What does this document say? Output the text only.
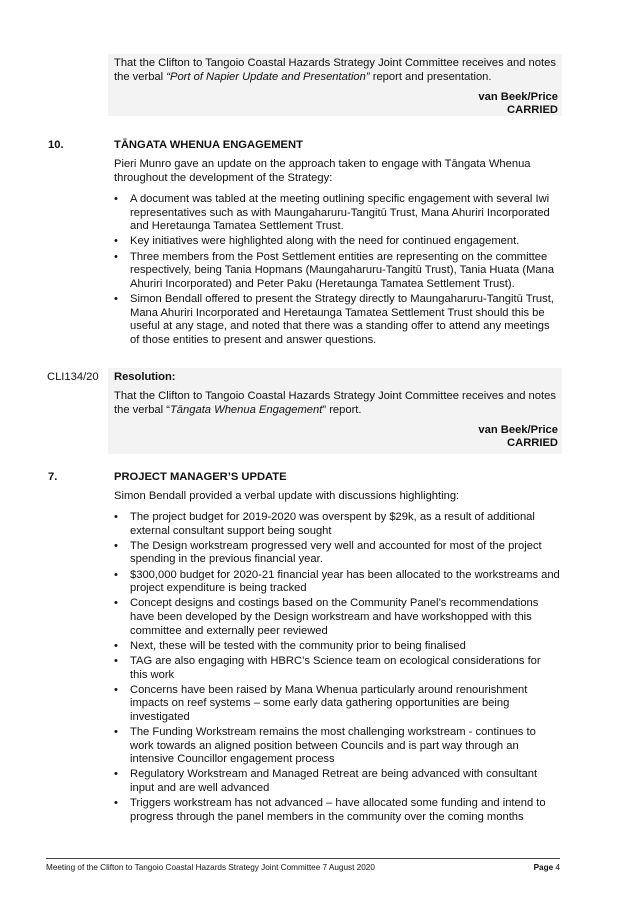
That the Clifton to Tangoio Coastal Hazards Strategy Joint Committee receives and notes the verbal “Port of Napier Update and Presentation” report and presentation.
van Beek/Price
CARRIED
10.	TĀNGATA WHENUA ENGAGEMENT
Pieri Munro gave an update on the approach taken to engage with Tāngata Whenua throughout the development of the Strategy:
• A document was tabled at the meeting outlining specific engagement with several Iwi representatives such as with Maungaharuru-Tangitū Trust, Mana Ahuriri Incorporated and Heretaunga Tamatea Settlement Trust.
• Key initiatives were highlighted along with the need for continued engagement.
• Three members from the Post Settlement entities are representing on the committee respectively, being Tania Hopmans (Maungaharuru-Tangitū Trust), Tania Huata (Mana Ahuriri Incorporated) and Peter Paku (Heretaunga Tamatea Settlement Trust).
• Simon Bendall offered to present the Strategy directly to Maungaharuru-Tangitū Trust, Mana Ahuriri Incorporated and Heretaunga Tamatea Settlement Trust should this be useful at any stage, and noted that there was a standing offer to attend any meetings of those entities to present and answer questions.
CLI134/20 Resolution:
That the Clifton to Tangoio Coastal Hazards Strategy Joint Committee receives and notes the verbal “Tāngata Whenua Engagement” report.
van Beek/Price
CARRIED
7.	PROJECT MANAGER’S UPDATE
Simon Bendall provided a verbal update with discussions highlighting:
• The project budget for 2019-2020 was overspent by $29k, as a result of additional external consultant support being sought
• The Design workstream progressed very well and accounted for most of the project spending in the previous financial year.
• $300,000 budget for 2020-21 financial year has been allocated to the workstreams and project expenditure is being tracked
• Concept designs and costings based on the Community Panel’s recommendations have been developed by the Design workstream and have workshopped with this committee and externally peer reviewed
• Next, these will be tested with the community prior to being finalised
• TAG are also engaging with HBRC’s Science team on ecological considerations for this work
• Concerns have been raised by Mana Whenua particularly around renourishment impacts on reef systems – some early data gathering opportunities are being investigated
• The Funding Workstream remains the most challenging workstream - continues to work towards an aligned position between Councils and is part way through an intensive Councillor engagement process
• Regulatory Workstream and Managed Retreat are being advanced with consultant input and are well advanced
• Triggers workstream has not advanced – have allocated some funding and intend to progress through the panel members in the community over the coming months
Meeting of the Clifton to Tangoio Coastal Hazards Strategy Joint Committee 7 August 2020	Page 4
